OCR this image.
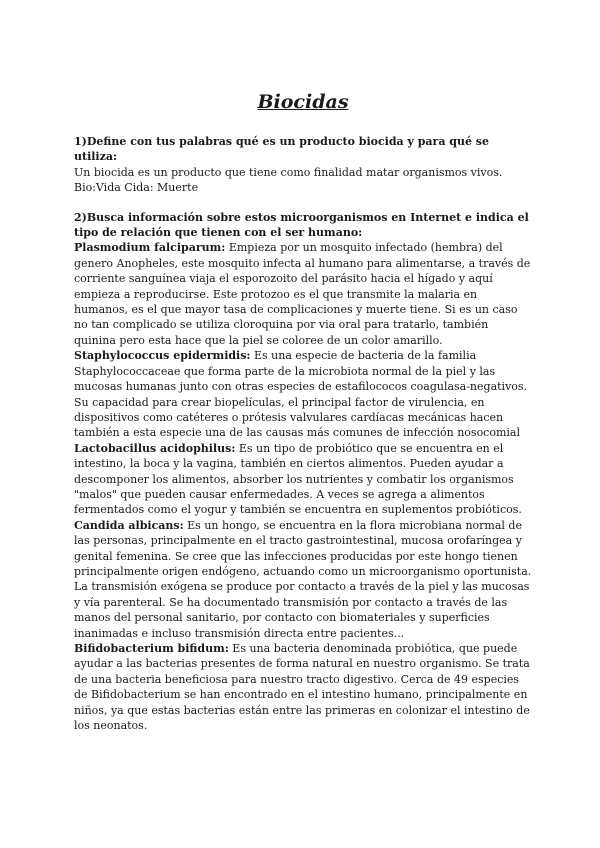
Biocidas

1)Define con tus palabras qué es un producto biocida y para qué se utiliza:

Un biocida es un producto que tiene como finalidad matar organismos vivos.

Bio:Vida Cida: Muerte

2)Busca información sobre estos microorganismos en Internet e indica el tipo de relación que tienen con el ser humano:

Plasmodium falciparum: Empieza por un mosquito infectado (hembra) del genero Anopheles, este mosquito infecta al humano para alimentarse, a través de corriente sanguínea viaja el esporozoito del parásito hacia el hígado y aquí empieza a reproducirse. Este protozoo es el que transmite la malaria en humanos, es el que mayor tasa de complicaciones y muerte tiene. Si es un caso no tan complicado se utiliza cloroquina por via oral para tratarlo, también quinina pero esta hace que la piel se coloree de un color amarillo.

Staphylococcus epidermidis: Es una especie de bacteria de la familia Staphylococcaceae que forma parte de la microbiota normal de la piel y las mucosas humanas junto con otras especies de estafilococos coagulasa-negativos.

Su capacidad para crear biopelículas, el principal factor de virulencia, en dispositivos como catéteres o prótesis valvulares cardíacas mecánicas hacen también a esta especie una de las causas más comunes de infección nosocomial

Lactobacillus acidophilus: Es un tipo de probiótico que se encuentra en el intestino, la boca y la vagina, también en ciertos alimentos. Pueden ayudar a descomponer los alimentos, absorber los nutrientes y combatir los organismos "malos" que pueden causar enfermedades. A veces se agrega a alimentos fermentados como el yogur y también se encuentra en suplementos probióticos.

Candida albicans: Es un hongo, se encuentra en la flora microbiana normal de las personas, principalmente en el tracto gastrointestinal, mucosa orofaríngea y genital femenina. Se cree que las infecciones producidas por este hongo tienen principalmente origen endógeno, actuando como un microorganismo oportunista. La transmisión exógena se produce por contacto a través de la piel y las mucosas y vía parenteral. Se ha documentado transmisión por contacto a través de las manos del personal sanitario, por contacto con biomateriales y superficies inanimadas e incluso transmisión directa entre pacientes...

Bifidobacterium bifidum: Es una bacteria denominada probiótica, que puede ayudar a las bacterias presentes de forma natural en nuestro organismo. Se trata de una bacteria beneficiosa para nuestro tracto digestivo. Cerca de 49 especies de Bifidobacterium se han encontrado en el intestino humano, principalmente en niños, ya que estas bacterias están entre las primeras en colonizar el intestino de los neonatos.
